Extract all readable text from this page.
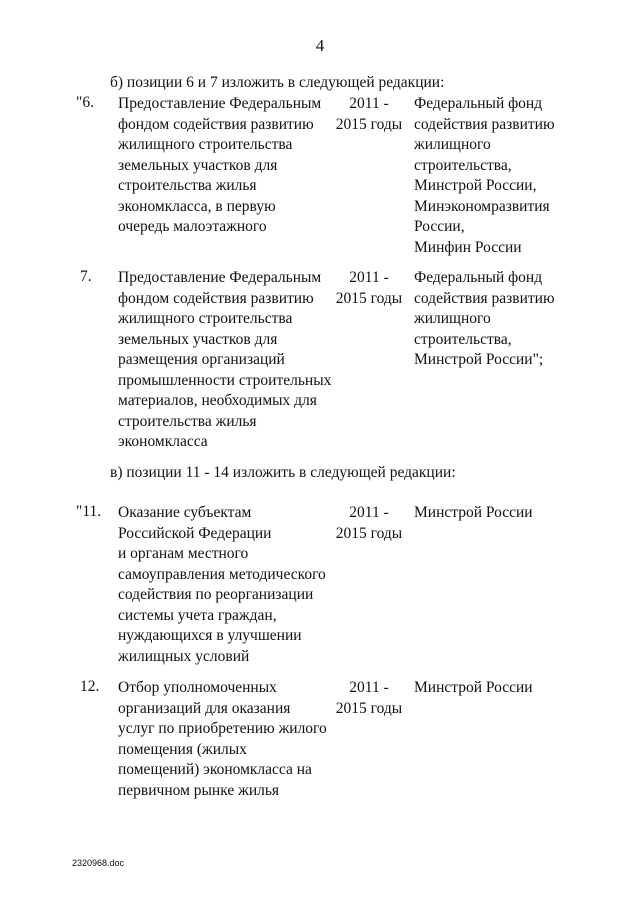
4
б) позиции 6 и 7 изложить в следующей редакции:
"6. Предоставление Федеральным
фондом содействия развитию
жилищного строительства
земельных участков для
строительства жилья
экономкласса, в первую
очередь малоэтажного
2011 -
2015 годы
Федеральный фонд
содействия развитию
жилищного
строительства,
Минстрой России,
Минэкономразвития
России,
Минфин России
7. Предоставление Федеральным
фондом содействия развитию
жилищного строительства
земельных участков для
размещения организаций
промышленности строительных
материалов, необходимых для
строительства жилья
экономкласса
2011 -
2015 годы
Федеральный фонд
содействия развитию
жилищного
строительства,
Минстрой России";
в) позиции 11 - 14 изложить в следующей редакции:
"11. Оказание субъектам
Российской Федерации
и органам местного
самоуправления методического
содействия по реорганизации
системы учета граждан,
нуждающихся в улучшении
жилищных условий
2011 -
2015 годы
Минстрой России
12. Отбор уполномоченных
организаций для оказания
услуг по приобретению жилого
помещения (жилых
помещений) экономкласса на
первичном рынке жилья
2011 -
2015 годы
Минстрой России
2320968.doc
